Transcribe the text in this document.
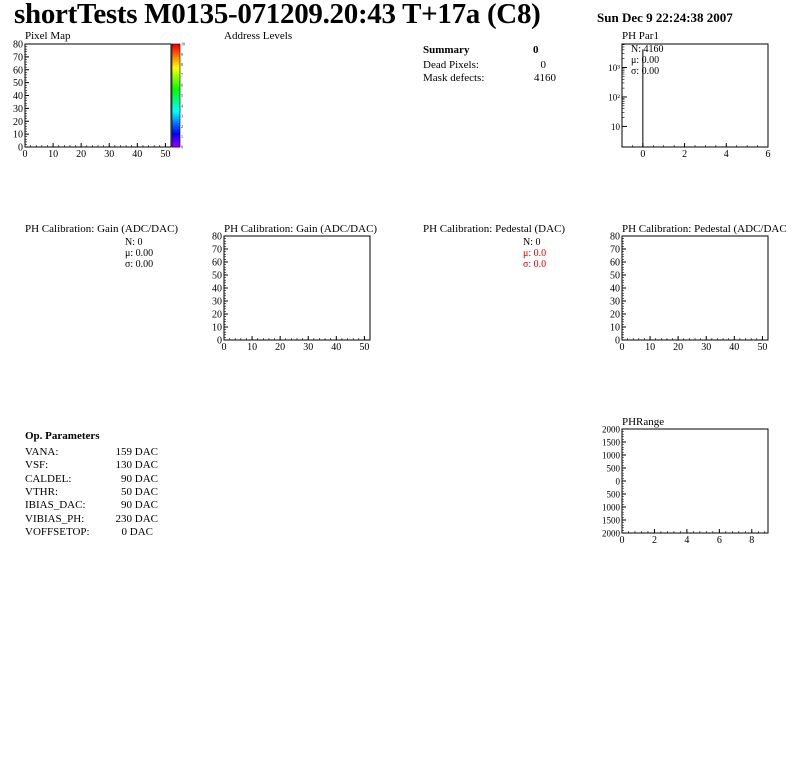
shortTests M0135-071209.20:43 T+17a (C8)	Sun Dec 9 22:24:38 2007
Pixel Map	Address Levels	PH Par1
Summary	0
Dead Pixels:	0
Mask defects:	4160
N: 4160
μ: 0.00
σ: 0.00
PH Calibration: Gain (ADC/DAC)
N: 0
μ: 0.00
σ: 0.00
PH Calibration: Gain (ADC/DAC)	PH Calibration: Pedestal (DAC)
N: 0
μ: 0.0
σ: 0.0
PH Calibration: Pedestal (ADC/DAC
Op. Parameters
VANA:	159 DAC
VSF:	130 DAC
CALDEL:	90 DAC
VTHR:	50 DAC
IBIAS_DAC:	90 DAC
VIBIAS_PH:	230 DAC
VOFFSETOP:	0 DAC
PHRange
0 10 20 30 40 50
0
10
20
30
40
50
60
70
80
0
1
2
3
4
5
6
7
8
9
10
0 10 20 30 40 50
0
10
20
30
40
50
60
70
80
0 10 20 30 40 50
0
10
20
30
40
50
60
70
80
0	2	4	6
10
10²
10³
0	2	4	6	8
2000
1500
1000
500
0
500
1000
1500
2000
